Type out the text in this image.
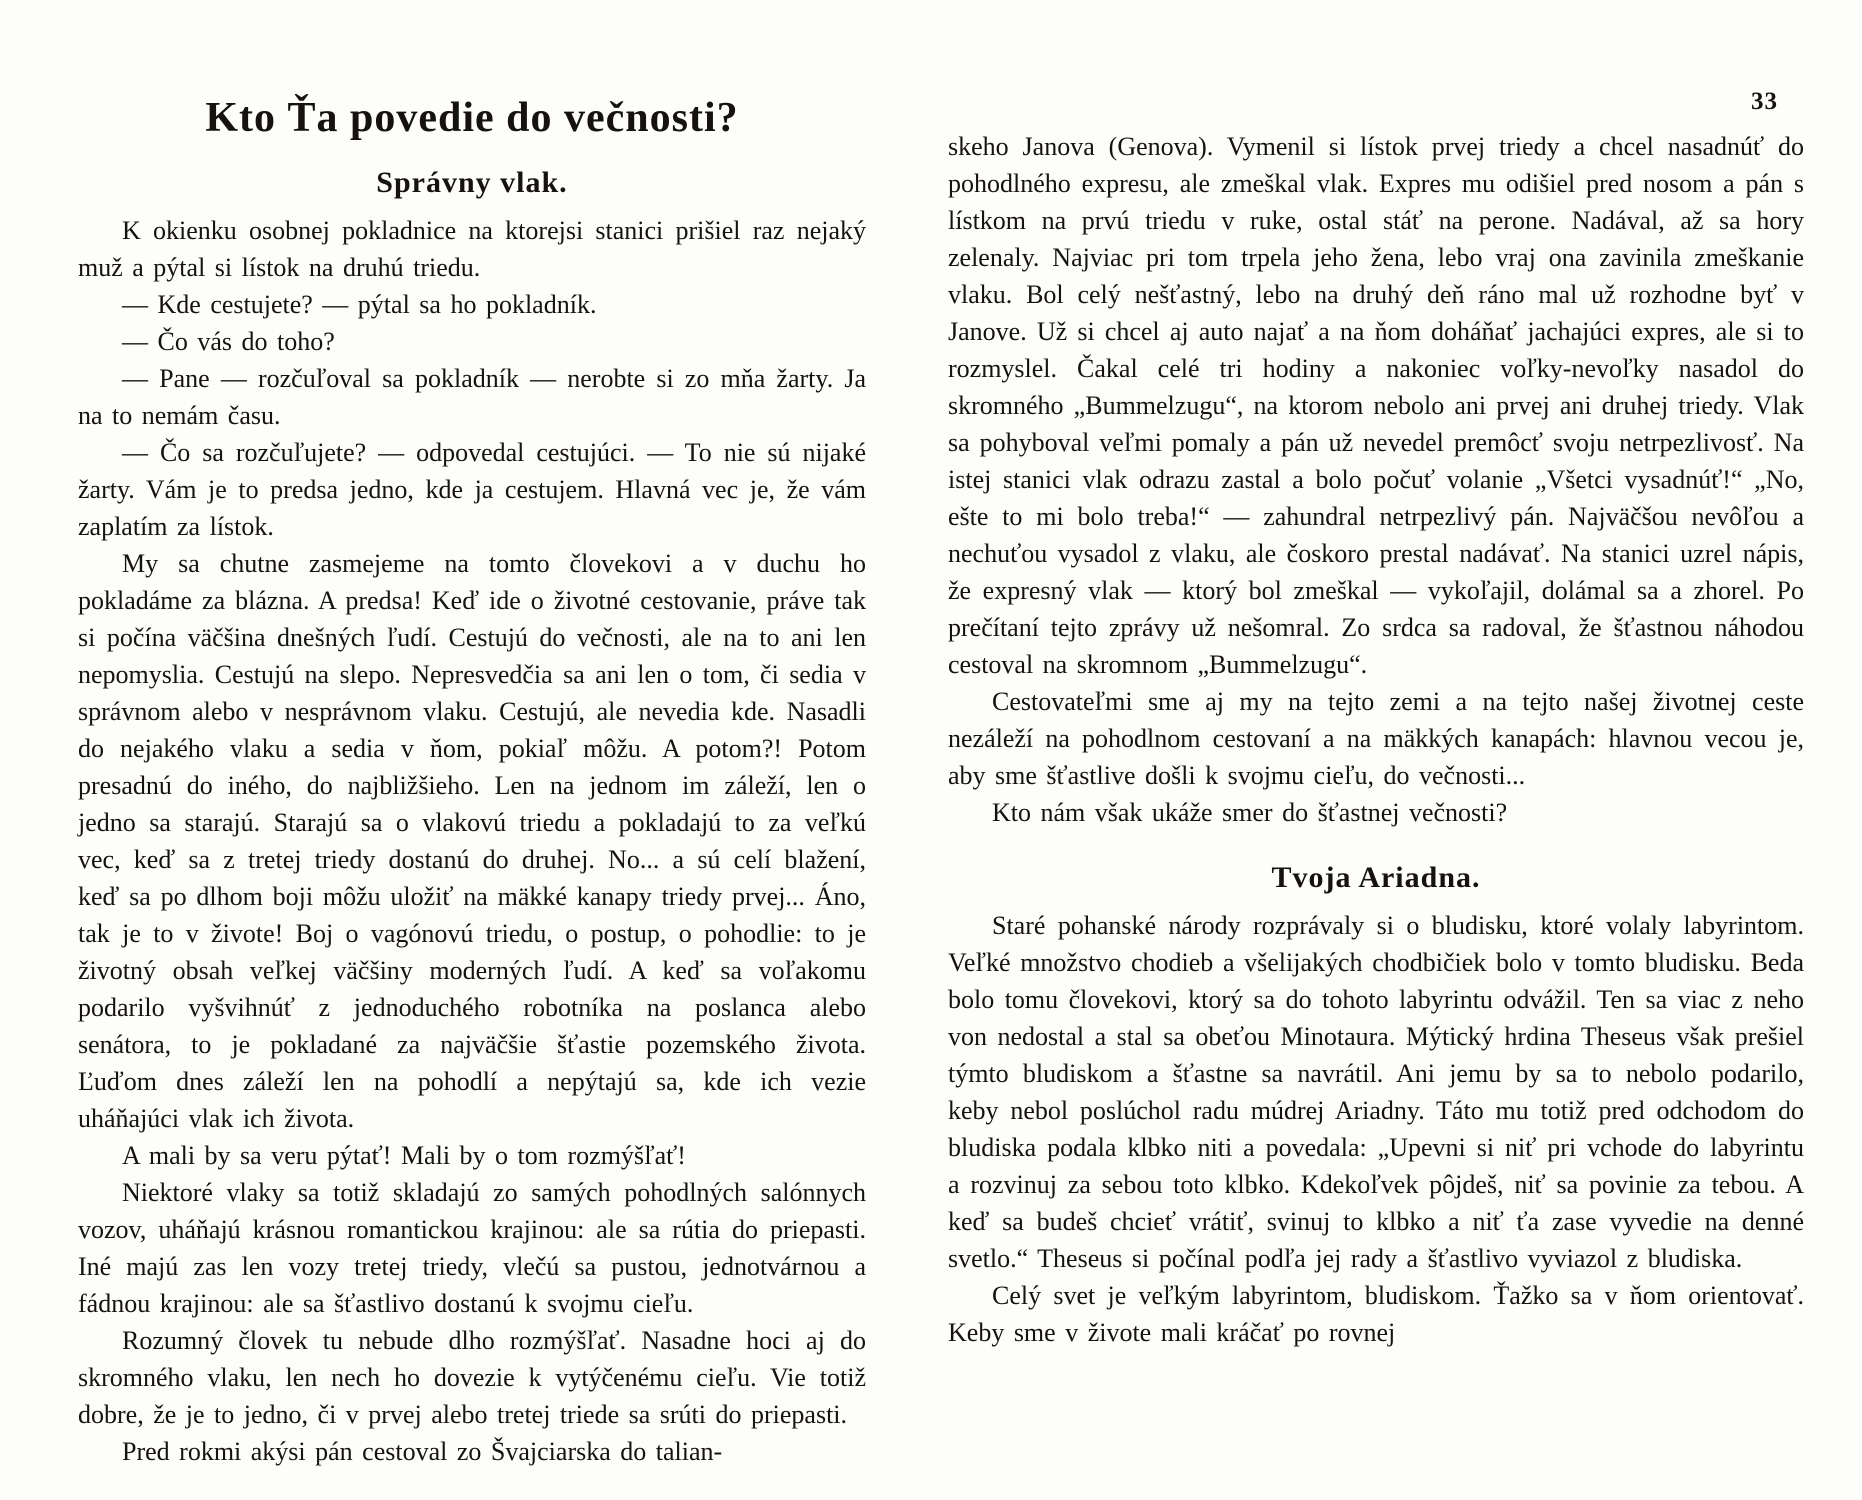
33
Kto Ťa povedie do večnosti?
Správny vlak.

K okienku osobnej pokladnice na ktorejsi stanici prišiel raz nejaký muž a pýtal si lístok na druhú triedu.

— Kde cestujete? — pýtal sa ho pokladník.

— Čo vás do toho?

— Pane — rozčuľoval sa pokladník — nerobte si zo mňa žarty. Ja na to nemám času.

— Čo sa rozčuľujete? — odpovedal cestujúci. — To nie sú nijaké žarty. Vám je to predsa jedno, kde ja cestujem. Hlavná vec je, že vám zaplatím za lístok.

My sa chutne zasmejeme na tomto človekovi a v duchu ho pokladáme za blázna. A predsa! Keď ide o životné cestovanie, práve tak si počína väčšina dnešných ľudí. Cestujú do večnosti, ale na to ani len nepomyslia. Cestujú na slepo. Nepresvedčia sa ani len o tom, či sedia v správnom alebo v nesprávnom vlaku. Cestujú, ale nevedia kde. Nasadli do nejakého vlaku a sedia v ňom, pokiaľ môžu. A potom?! Potom presadnú do iného, do najbližšieho. Len na jednom im záleží, len o jedno sa starajú. Starajú sa o vlakovú triedu a pokladajú to za veľkú vec, keď sa z tretej triedy dostanú do druhej. No... a sú celí blažení, keď sa po dlhom boji môžu uložiť na mäkké kanapy triedy prvej... Áno, tak je to v živote! Boj o vagónovú triedu, o postup, o pohodlie: to je životný obsah veľkej väčšiny moderných ľudí. A keď sa voľakomu podarilo vyšvihnúť z jednoduchého robotníka na poslanca alebo senátora, to je pokladané za najväčšie šťastie pozemského života. Ľuďom dnes záleží len na pohodlí a nepýtajú sa, kde ich vezie uháňajúci vlak ich života.

A mali by sa veru pýtať! Mali by o tom rozmýšľať!

Niektoré vlaky sa totiž skladajú zo samých pohodlných salónnych vozov, uháňajú krásnou romantickou krajinou: ale sa rútia do priepasti. Iné majú zas len vozy tretej triedy, vlečú sa pustou, jednotvárnou a fádnou krajinou: ale sa šťastlivo dostanú k svojmu cieľu.

Rozumný človek tu nebude dlho rozmýšľať. Nasadne hoci aj do skromného vlaku, len nech ho dovezie k vytýčenému cieľu. Vie totiž dobre, že je to jedno, či v prvej alebo tretej triede sa srúti do priepasti.

Pred rokmi akýsi pán cestoval zo Švajciarska do talian-

skeho Janova (Genova). Vymenil si lístok prvej triedy a chcel nasadnúť do pohodlného expresu, ale zmeškal vlak. Expres mu odišiel pred nosom a pán s lístkom na prvú triedu v ruke, ostal stáť na perone. Nadával, až sa hory zelenaly. Najviac pri tom trpela jeho žena, lebo vraj ona zavinila zmeškanie vlaku. Bol celý nešťastný, lebo na druhý deň ráno mal už rozhodne byť v Janove. Už si chcel aj auto najať a na ňom doháňať jachajúci expres, ale si to rozmyslel. Čakal celé tri hodiny a nakoniec voľky-nevoľky nasadol do skromného „Bummelzugu“, na ktorom nebolo ani prvej ani druhej triedy. Vlak sa pohyboval veľmi pomaly a pán už nevedel premôcť svoju netrpezlivosť. Na istej stanici vlak odrazu zastal a bolo počuť volanie „Všetci vysadnúť!“ „No, ešte to mi bolo treba!“ — zahundral netrpezlivý pán. Najväčšou nevôľou a nechuťou vysadol z vlaku, ale čoskoro prestal nadávať. Na stanici uzrel nápis, že expresný vlak — ktorý bol zmeškal — vykoľajil, dolámal sa a zhorel. Po prečítaní tejto zprávy už nešomral. Zo srdca sa radoval, že šťastnou náhodou cestoval na skromnom „Bummelzugu“.

Cestovateľmi sme aj my na tejto zemi a na tejto našej životnej ceste nezáleží na pohodlnom cestovaní a na mäkkých kanapách: hlavnou vecou je, aby sme šťastlive došli k svojmu cieľu, do večnosti...

Kto nám však ukáže smer do šťastnej večnosti?

Tvoja Ariadna.

Staré pohanské národy rozprávaly si o bludisku, ktoré volaly labyrintom. Veľké množstvo chodieb a všelijakých chodbičiek bolo v tomto bludisku. Beda bolo tomu človekovi, ktorý sa do tohoto labyrintu odvážil. Ten sa viac z neho von nedostal a stal sa obeťou Minotaura. Mýtický hrdina Theseus však prešiel týmto bludiskom a šťastne sa navrátil. Ani jemu by sa to nebolo podarilo, keby nebol poslúchol radu múdrej Ariadny. Táto mu totiž pred odchodom do bludiska podala klbko niti a povedala: „Upevni si niť pri vchode do labyrintu a rozvinuj za sebou toto klbko. Kdekoľvek pôjdeš, niť sa povinie za tebou. A keď sa budeš chcieť vrátiť, svinuj to klbko a niť ťa zase vyvedie na denné svetlo.“ Theseus si počínal podľa jej rady a šťastlivo vyviazol z bludiska.

Celý svet je veľkým labyrintom, bludiskom. Ťažko sa v ňom orientovať. Keby sme v živote mali kráčať po rovnej
